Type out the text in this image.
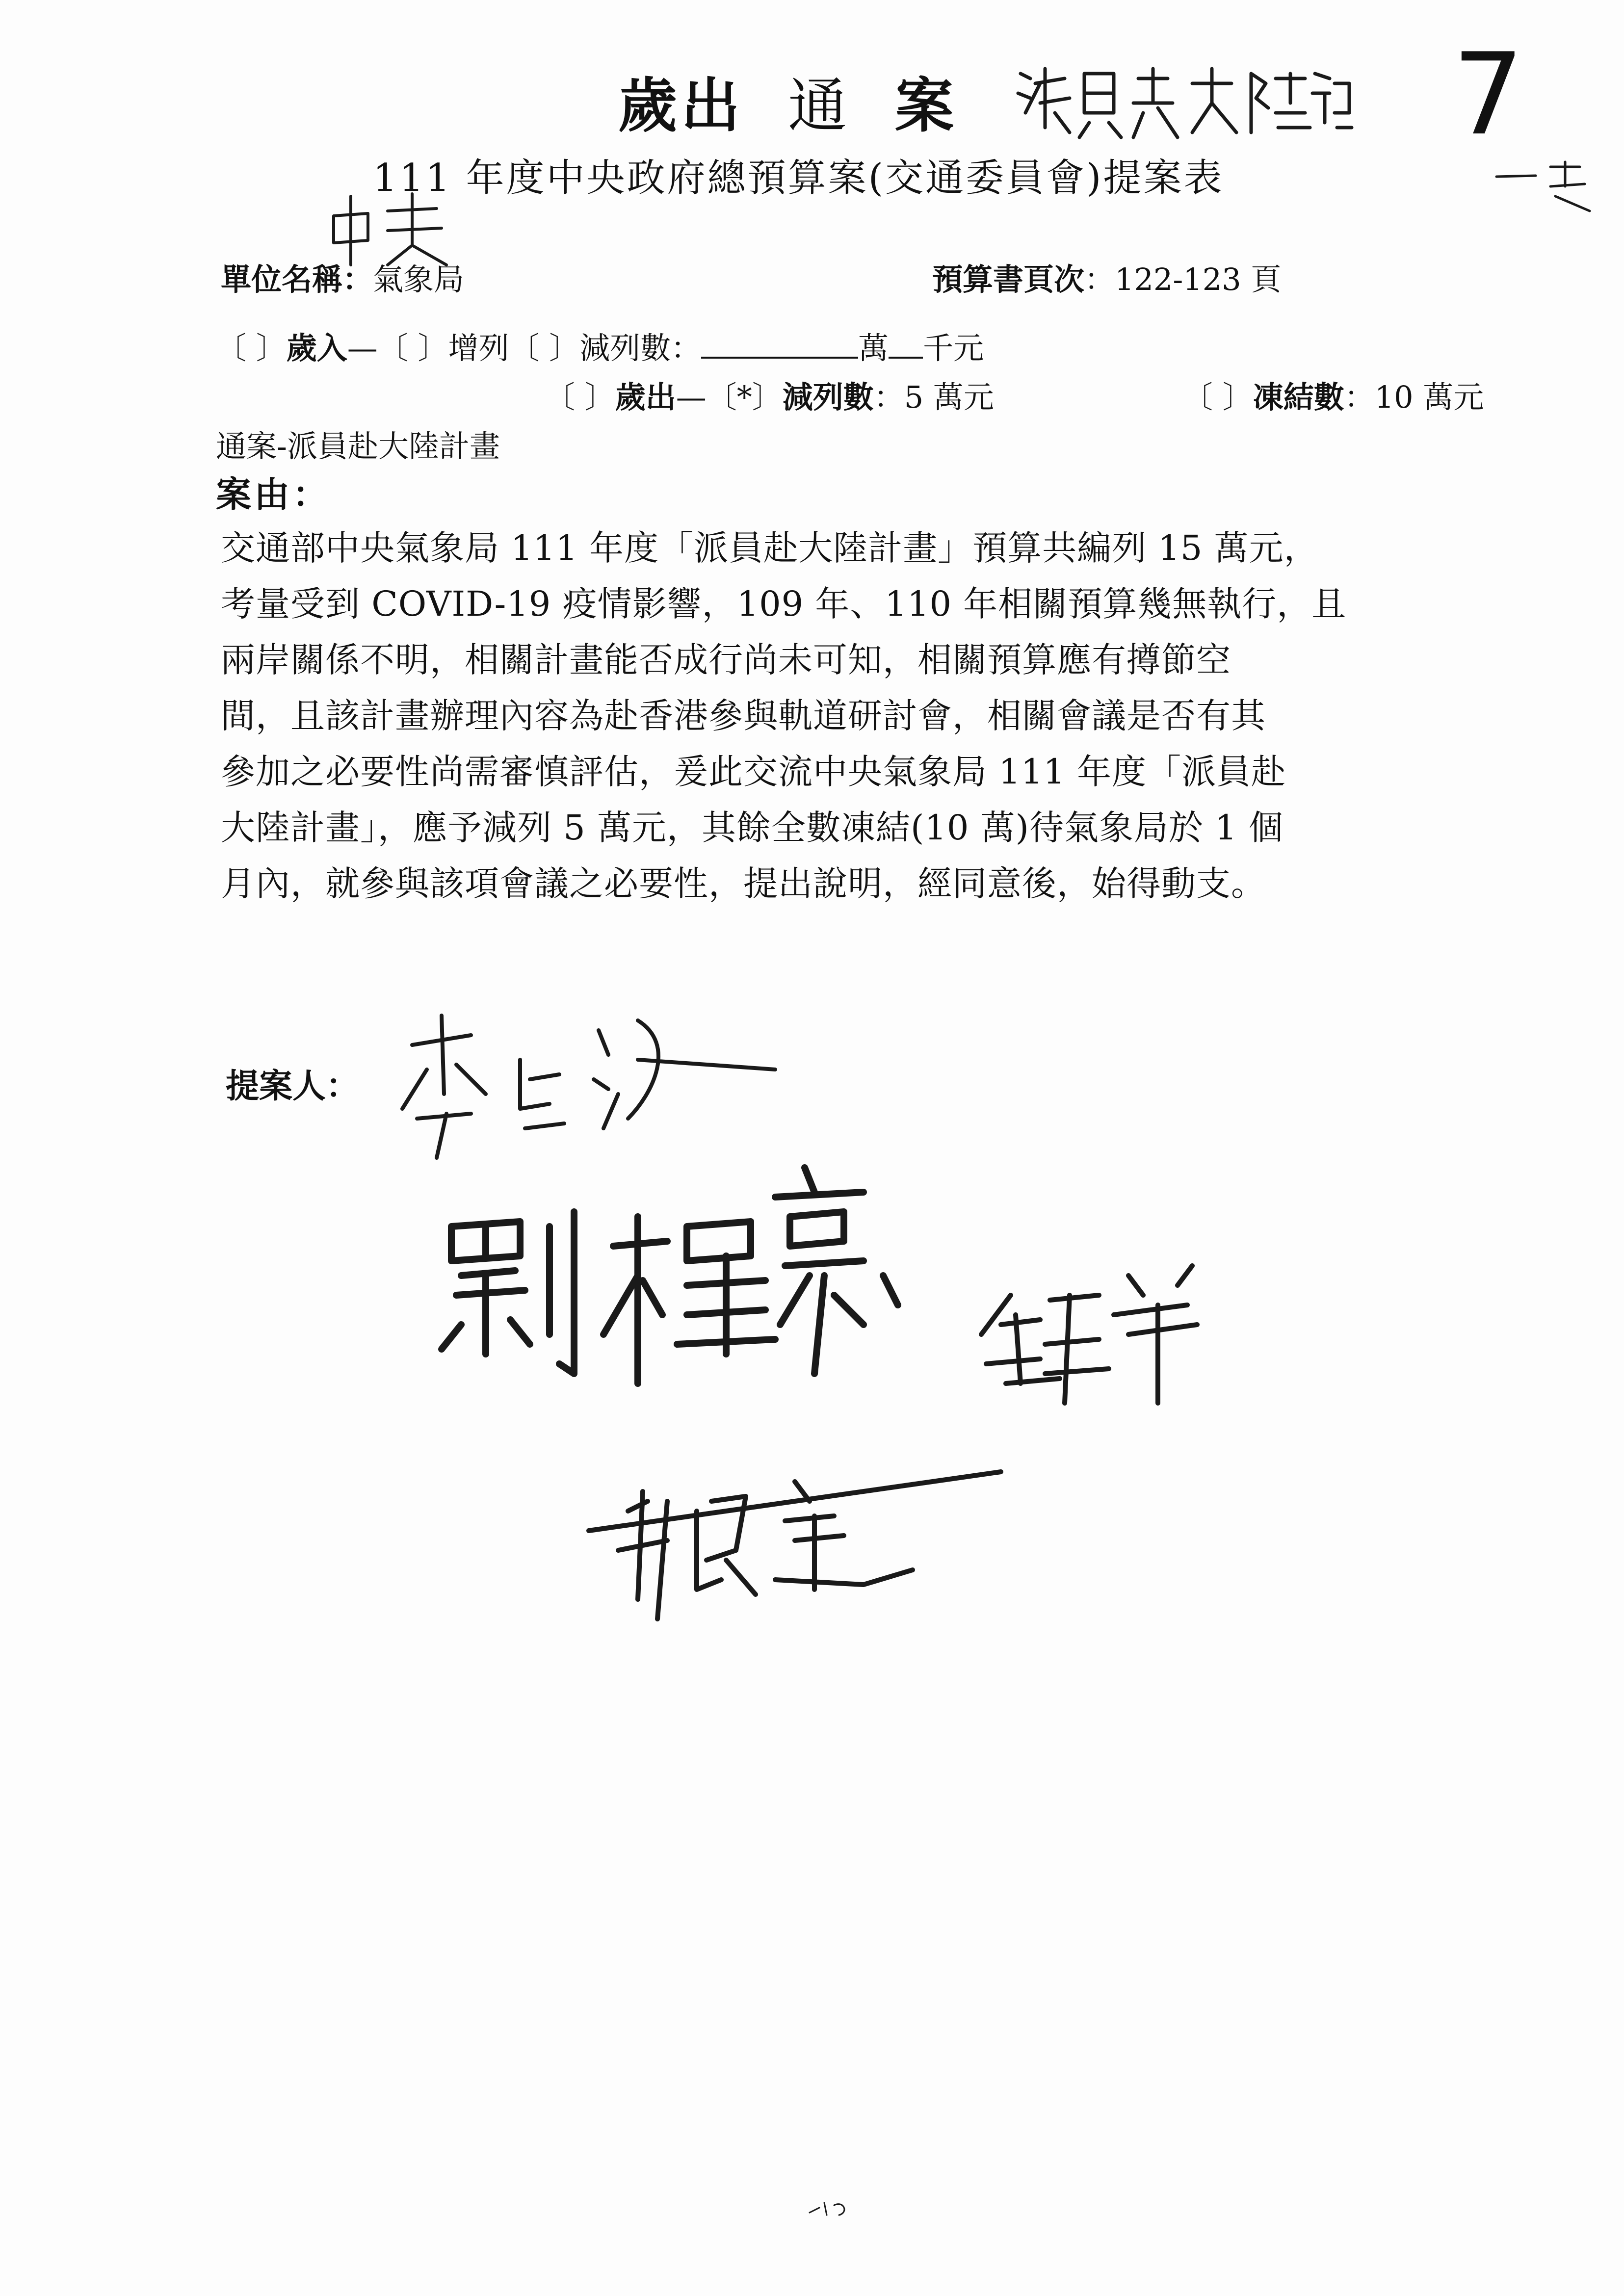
歲出 通 案	7
111 年度中央政府總預算案(交通委員會)提案表
單位名稱：氣象局	預算書頁次：122-123 頁
〔 〕歲入—〔 〕增列〔 〕減列數：	萬 千元
〔 〕歲出—〔*〕減列數：5 萬元	〔 〕凍結數：10 萬元
通案-派員赴大陸計畫
案由：
交通部中央氣象局 111 年度「派員赴大陸計畫」預算共編列 15 萬元，
考量受到 COVID-19 疫情影響，109 年、110 年相關預算幾無執行，且
兩岸關係不明，相關計畫能否成行尚未可知，相關預算應有撙節空
間，且該計畫辦理內容為赴香港參與軌道研討會，相關會議是否有其
參加之必要性尚需審慎評估，爰此交流中央氣象局 111 年度「派員赴
大陸計畫」，應予減列 5 萬元，其餘全數凍結(10 萬)待氣象局於 1 個
月內，就參與該項會議之必要性，提出說明，經同意後，始得動支。
提案人：
